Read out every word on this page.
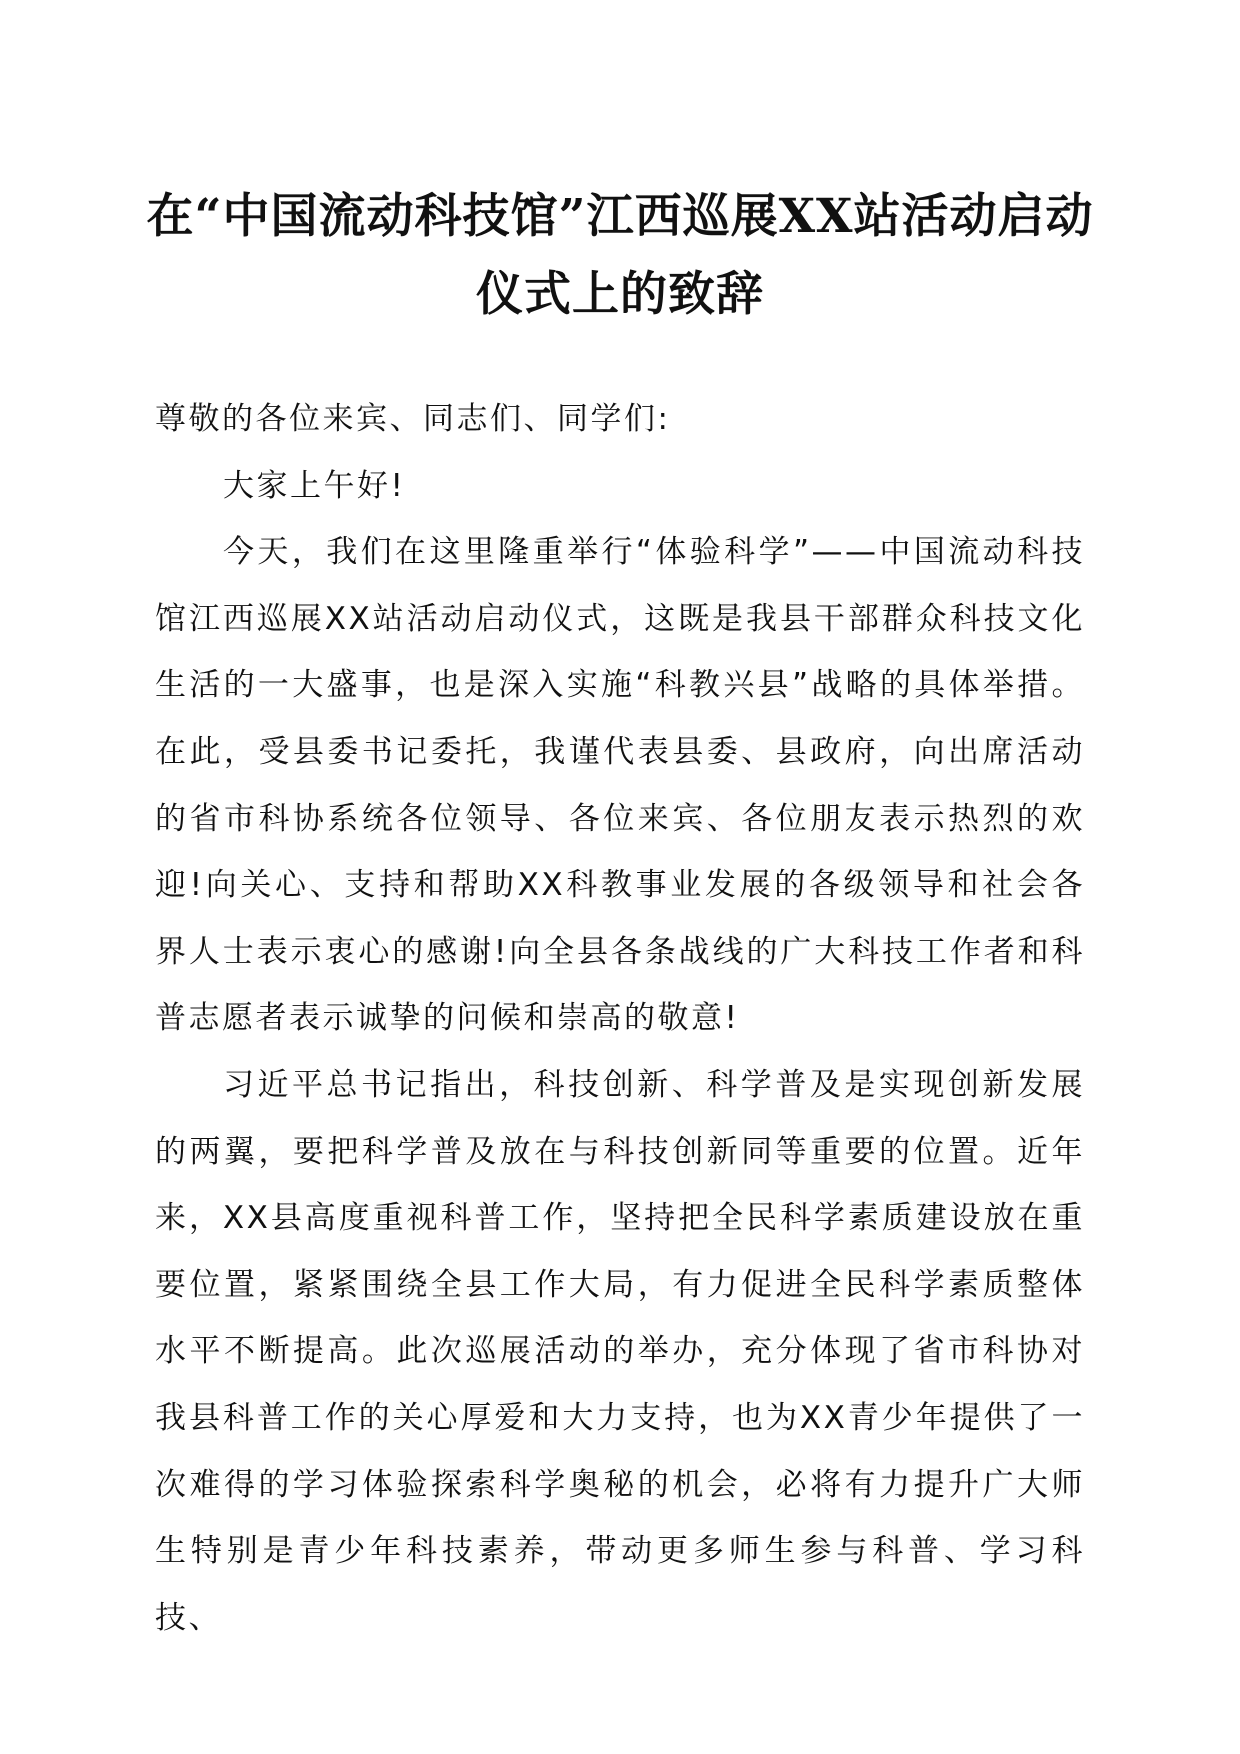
在“中国流动科技馆”江西巡展XX站活动启动仪式上的致辞

尊敬的各位来宾、同志们、同学们:

大家上午好!

今天，我们在这里隆重举行“体验科学”——中国流动科技馆江西巡展XX站活动启动仪式，这既是我县干部群众科技文化生活的一大盛事，也是深入实施“科教兴县”战略的具体举措。在此，受县委书记委托，我谨代表县委、县政府，向出席活动的省市科协系统各位领导、各位来宾、各位朋友表示热烈的欢迎!向关心、支持和帮助XX科教事业发展的各级领导和社会各界人士表示衷心的感谢!向全县各条战线的广大科技工作者和科普志愿者表示诚挚的问候和崇高的敬意!

习近平总书记指出，科技创新、科学普及是实现创新发展的两翼，要把科学普及放在与科技创新同等重要的位置。近年来，XX县高度重视科普工作，坚持把全民科学素质建设放在重要位置，紧紧围绕全县工作大局，有力促进全民科学素质整体水平不断提高。此次巡展活动的举办，充分体现了省市科协对我县科普工作的关心厚爱和大力支持，也为XX青少年提供了一次难得的学习体验探索科学奥秘的机会，必将有力提升广大师生特别是青少年科技素养，带动更多师生参与科普、学习科技、
